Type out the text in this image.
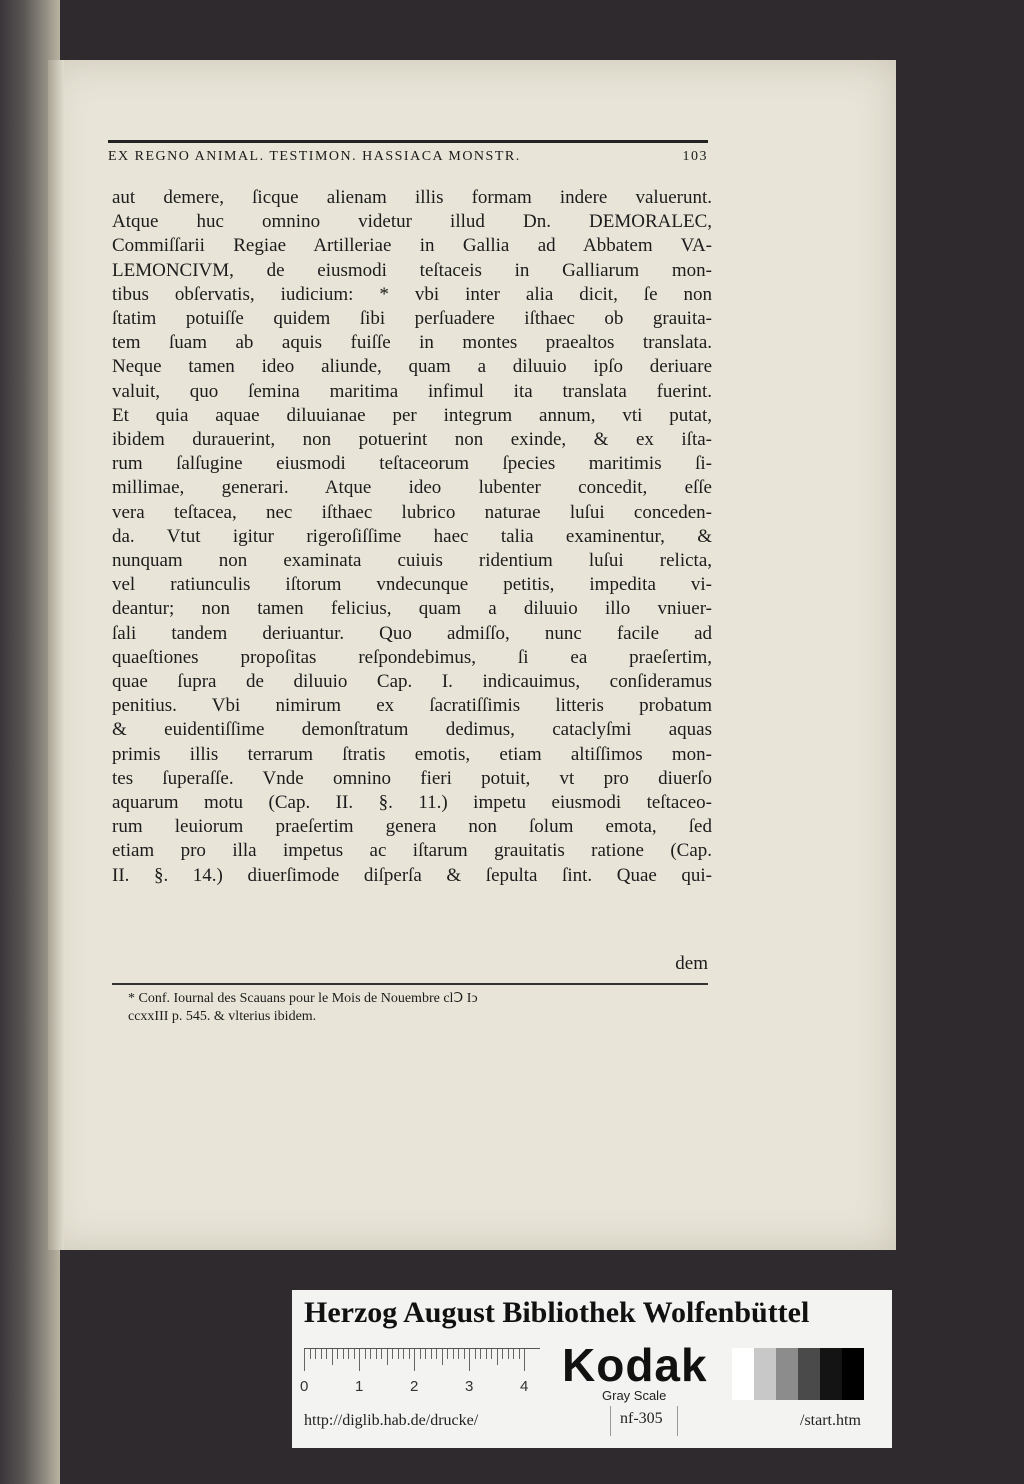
EX REGNO ANIMAL. TESTIMON. HASSIACA MONSTR.	103
aut demere, ſicque alienam illis formam indere valuerunt.
Atque huc omnino videtur illud Dn. DEMORALEC,
Commiſſarii Regiae Artilleriae in Gallia ad Abbatem VA-
LEMONCIVM, de eiusmodi teſtaceis in Galliarum mon-
tibus obſervatis, iudicium: * vbi inter alia dicit, ſe non
ſtatim potuiſſe quidem ſibi perſuadere iſthaec ob grauita-
tem ſuam ab aquis fuiſſe in montes praealtos translata.
Neque tamen ideo aliunde, quam a diluuio ipſo deriuare
valuit, quo ſemina maritima infimul ita translata fuerint.
Et quia aquae diluuianae per integrum annum, vti putat,
ibidem durauerint, non potuerint non exinde, & ex iſta-
rum ſalſugine eiusmodi teſtaceorum ſpecies maritimis ſi-
millimae, generari. Atque ideo lubenter concedit, eſſe
vera teſtacea, nec iſthaec lubrico naturae luſui conceden-
da. Vtut igitur rigeroſiſſime haec talia examinentur, &
nunquam non examinata cuiuis ridentium luſui relicta,
vel ratiunculis iſtorum vndecunque petitis, impedita vi-
deantur; non tamen felicius, quam a diluuio illo vniuer-
ſali tandem deriuantur. Quo admiſſo, nunc facile ad
quaeſtiones propoſitas reſpondebimus, ſi ea praeſertim,
quae ſupra de diluuio Cap. I. indicauimus, conſideramus
penitius. Vbi nimirum ex ſacratiſſimis litteris probatum
& euidentiſſime demonſtratum dedimus, cataclyſmi aquas
primis illis terrarum ſtratis emotis, etiam altiſſimos mon-
tes ſuperaſſe. Vnde omnino fieri potuit, vt pro diuerſo
aquarum motu (Cap. II. §. 11.) impetu eiusmodi teſtaceo-
rum leuiorum praeſertim genera non ſolum emota, ſed
etiam pro illa impetus ac iſtarum grauitatis ratione (Cap.
II. §. 14.) diuerſimode diſperſa & ſepulta ſint. Quae qui-
dem
* Conf. Iournal des Scauans pour le Mois de Nouembre clↃ Iↄ
ccxxIII p. 545. & vlterius ibidem.
Herzog August Bibliothek Wolfenbüttel
0	1	2	3	4 Kodak
Gray Scale
http://diglib.hab.de/drucke/	nf-305	/start.htm
